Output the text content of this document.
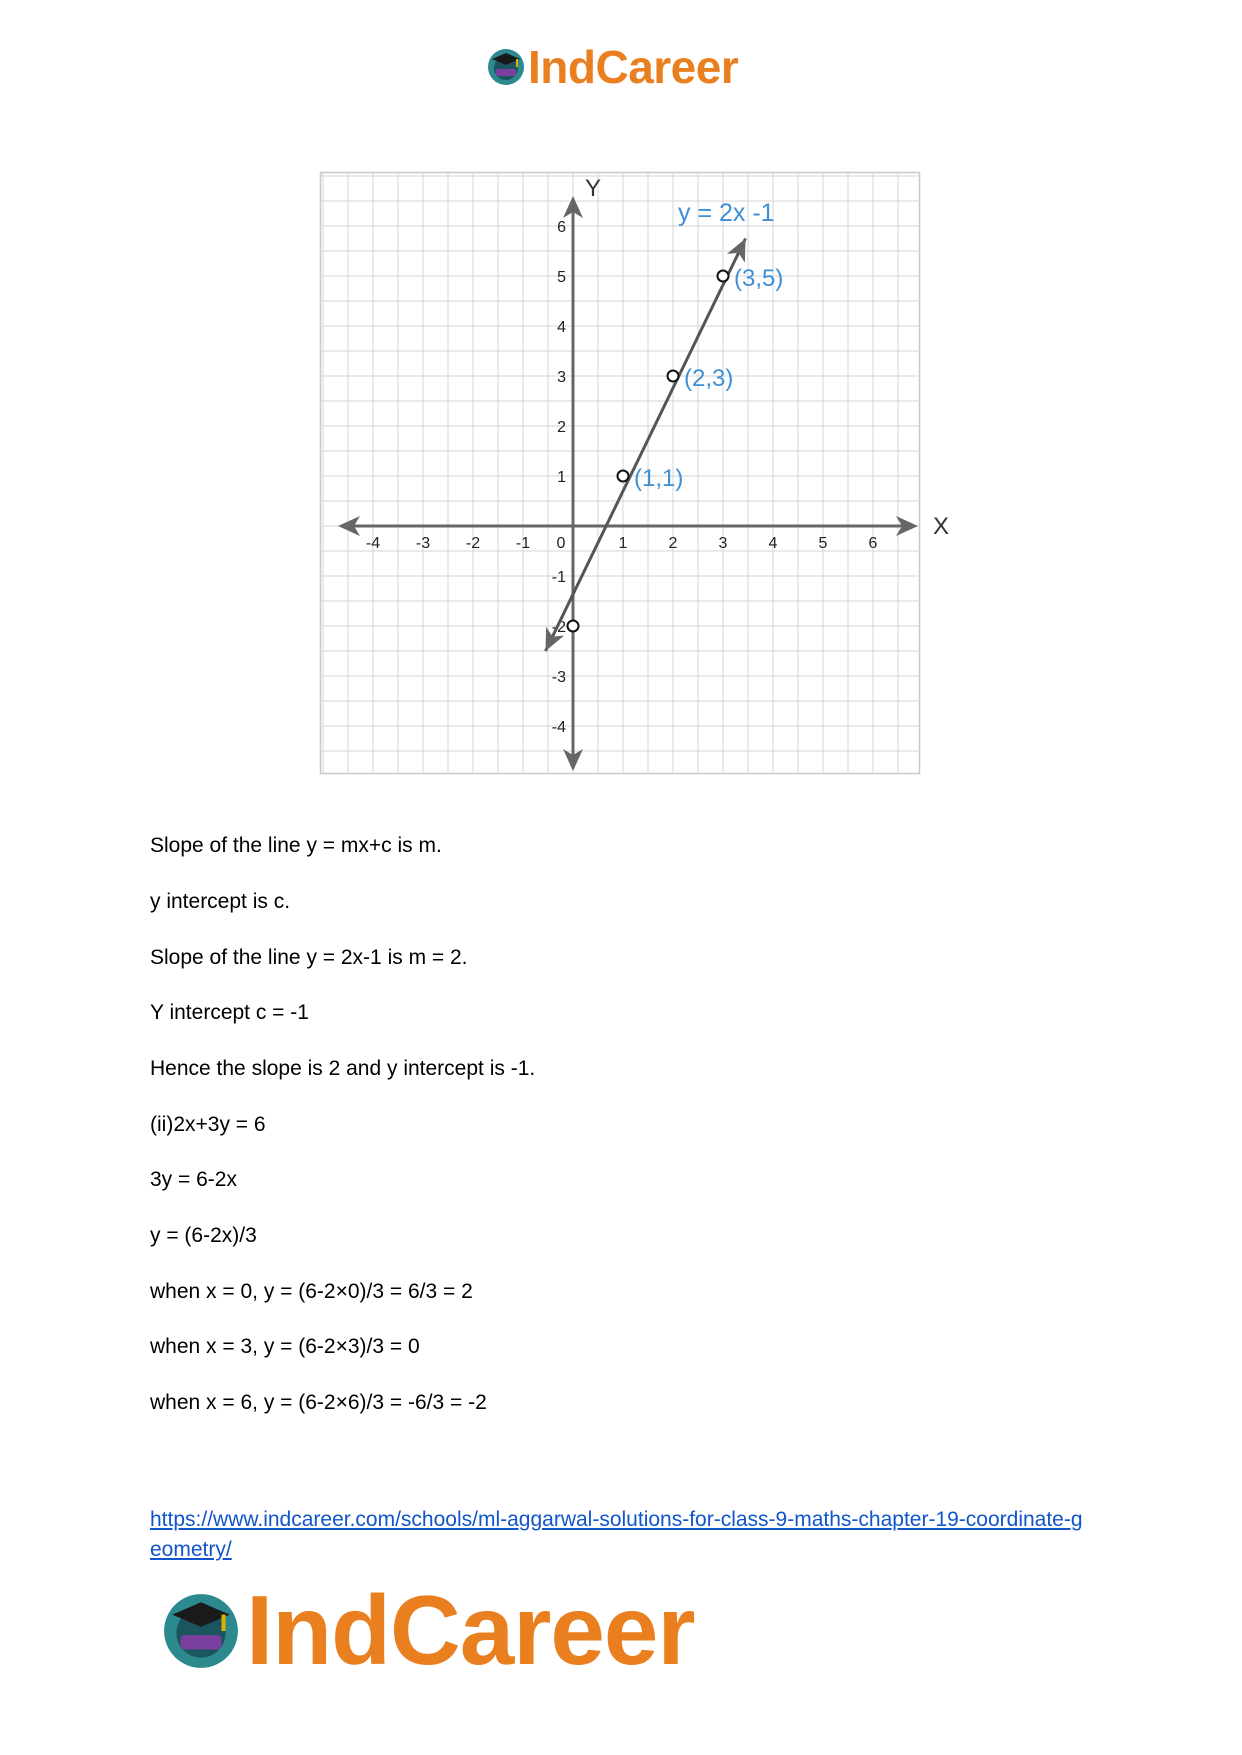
IndCareer
X
Y
-4 -3 -2 -1 0	1	2	3	4	5	6
6
5
4
3
2
1
-1
-2
-3
-4
(1,1)
(2,3)
(3,5)
y = 2x -1
Slope of the line y = mx+c is m.
y intercept is c.
Slope of the line y = 2x-1 is m = 2.
Y intercept c = -1
Hence the slope is 2 and y intercept is -1.
(ii)2x+3y = 6
3y = 6-2x
y = (6-2x)/3
when x = 0, y = (6-2×0)/3 = 6/3 = 2
when x = 3, y = (6-2×3)/3 = 0
when x = 6, y = (6-2×6)/3 = -6/3 = -2
https://www.indcareer.com/schools/ml-aggarwal-solutions-for-class-9-maths-chapter-19-coordinate-geometry/
IndCareer
